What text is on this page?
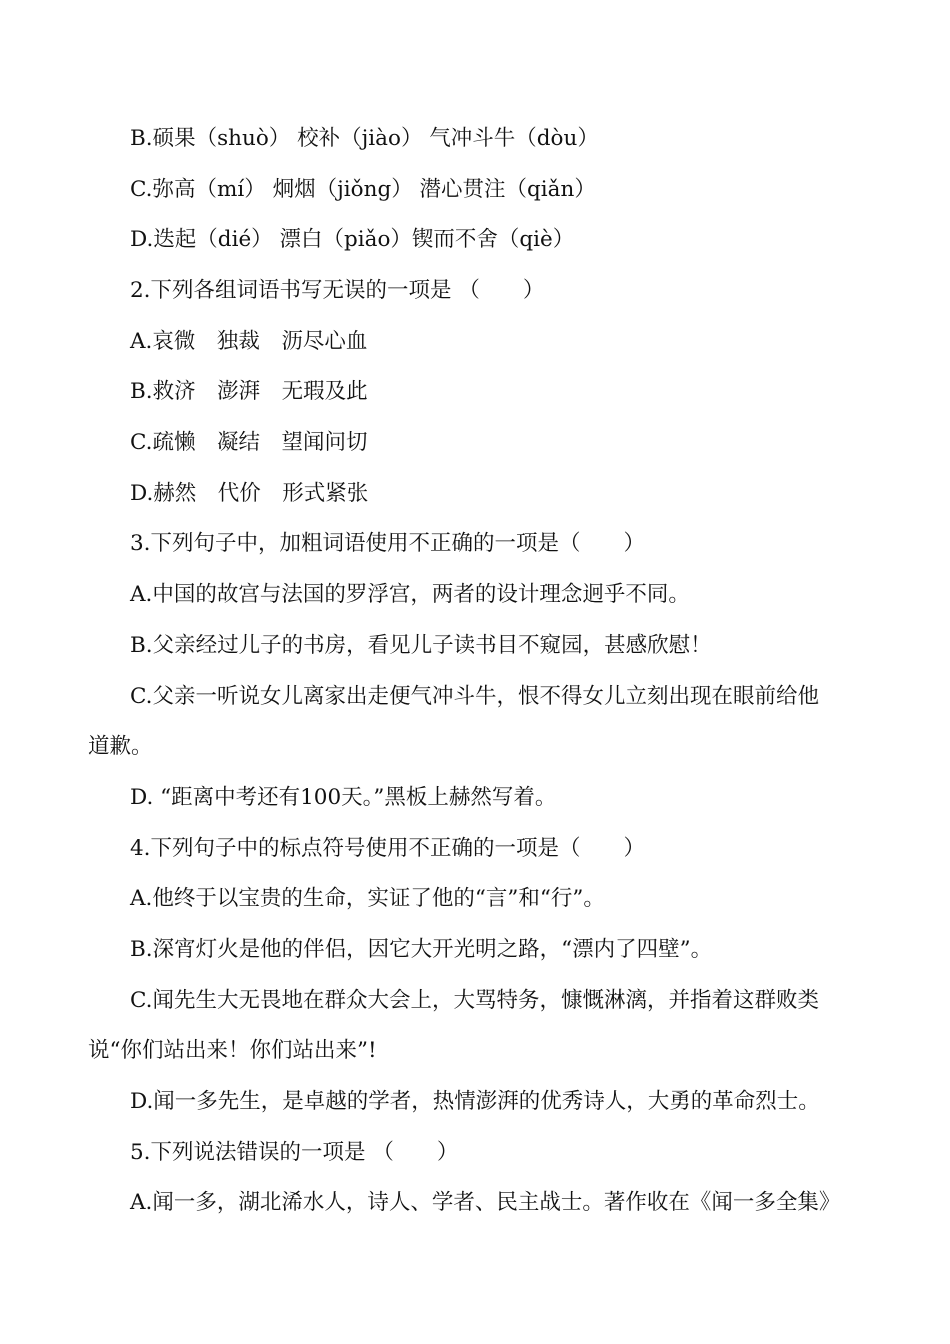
B.硕果（shuò） 校补（jiào） 气冲斗牛（dòu）
C.弥高（mí） 炯烟（jiǒng） 潜心贯注（qiǎn）
D.迭起（dié） 漂白（piǎo）锲而不舍（qiè）
2.下列各组词语书写无误的一项是 （　　）
A.哀微　独裁　沥尽心血
B.救济　澎湃　无瑕及此
C.疏懒　凝结　望闻问切
D.赫然　代价　形式紧张
3.下列句子中，加粗词语使用不正确的一项是（　　）
A.中国的故宫与法国的罗浮宫，两者的设计理念迥乎不同。
B.父亲经过儿子的书房，看见儿子读书目不窥园，甚感欣慰！
C.父亲一听说女儿离家出走便气冲斗牛，恨不得女儿立刻出现在眼前给他
道歉。
D. “距离中考还有100天。”黑板上赫然写着。
4.下列句子中的标点符号使用不正确的一项是（　　）
A.他终于以宝贵的生命，实证了他的“言”和“行”。
B.深宵灯火是他的伴侣，因它大开光明之路，“漂内了四壁”。
C.闻先生大无畏地在群众大会上，大骂特务，慷慨淋漓，并指着这群败类
说“你们站出来！你们站出来”!
D.闻一多先生，是卓越的学者，热情澎湃的优秀诗人，大勇的革命烈士。
5.下列说法错误的一项是 （　　）
A.闻一多，湖北浠水人，诗人、学者、民主战士。著作收在《闻一多全集》
